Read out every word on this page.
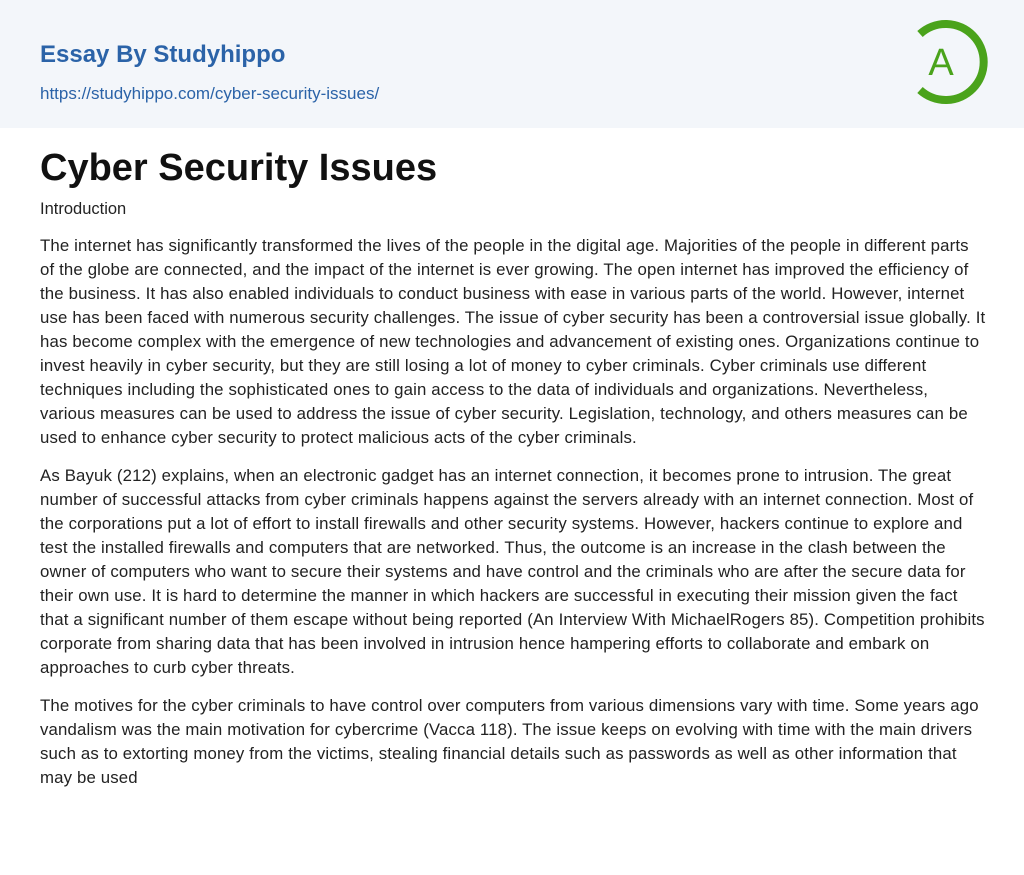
Essay By Studyhippo
https://studyhippo.com/cyber-security-issues/
A
Cyber Security Issues
Introduction

The internet has significantly transformed the lives of the people in the digital age. Majorities of the people in different parts of the globe are connected, and the impact of the internet is ever growing. The open internet has improved the efficiency of the business. It has also enabled individuals to conduct business with ease in various parts of the world. However, internet use has been faced with numerous security challenges. The issue of cyber security has been a controversial issue globally. It has become complex with the emergence of new technologies and advancement of existing ones. Organizations continue to invest heavily in cyber security, but they are still losing a lot of money to cyber criminals. Cyber criminals use different techniques including the sophisticated ones to gain access to the data of individuals and organizations. Nevertheless, various measures can be used to address the issue of cyber security. Legislation, technology, and others measures can be used to enhance cyber security to protect malicious acts of the cyber criminals.

As Bayuk (212) explains, when an electronic gadget has an internet connection, it becomes prone to intrusion. The great number of successful attacks from cyber criminals happens against the servers already with an internet connection. Most of the corporations put a lot of effort to install firewalls and other security systems. However, hackers continue to explore and test the installed firewalls and computers that are networked. Thus, the outcome is an increase in the clash between the owner of computers who want to secure their systems and have control and the criminals who are after the secure data for their own use. It is hard to determine the manner in which hackers are successful in executing their mission given the fact that a significant number of them escape without being reported (An Interview With MichaelRogers 85). Competition prohibits corporate from sharing data that has been involved in intrusion hence hampering efforts to collaborate and embark on approaches to curb cyber threats.

The motives for the cyber criminals to have control over computers from various dimensions vary with time. Some years ago vandalism was the main motivation for cybercrime (Vacca 118). The issue keeps on evolving with time with the main drivers such as to extorting money from the victims, stealing financial details such as passwords as well as other information that may be used
